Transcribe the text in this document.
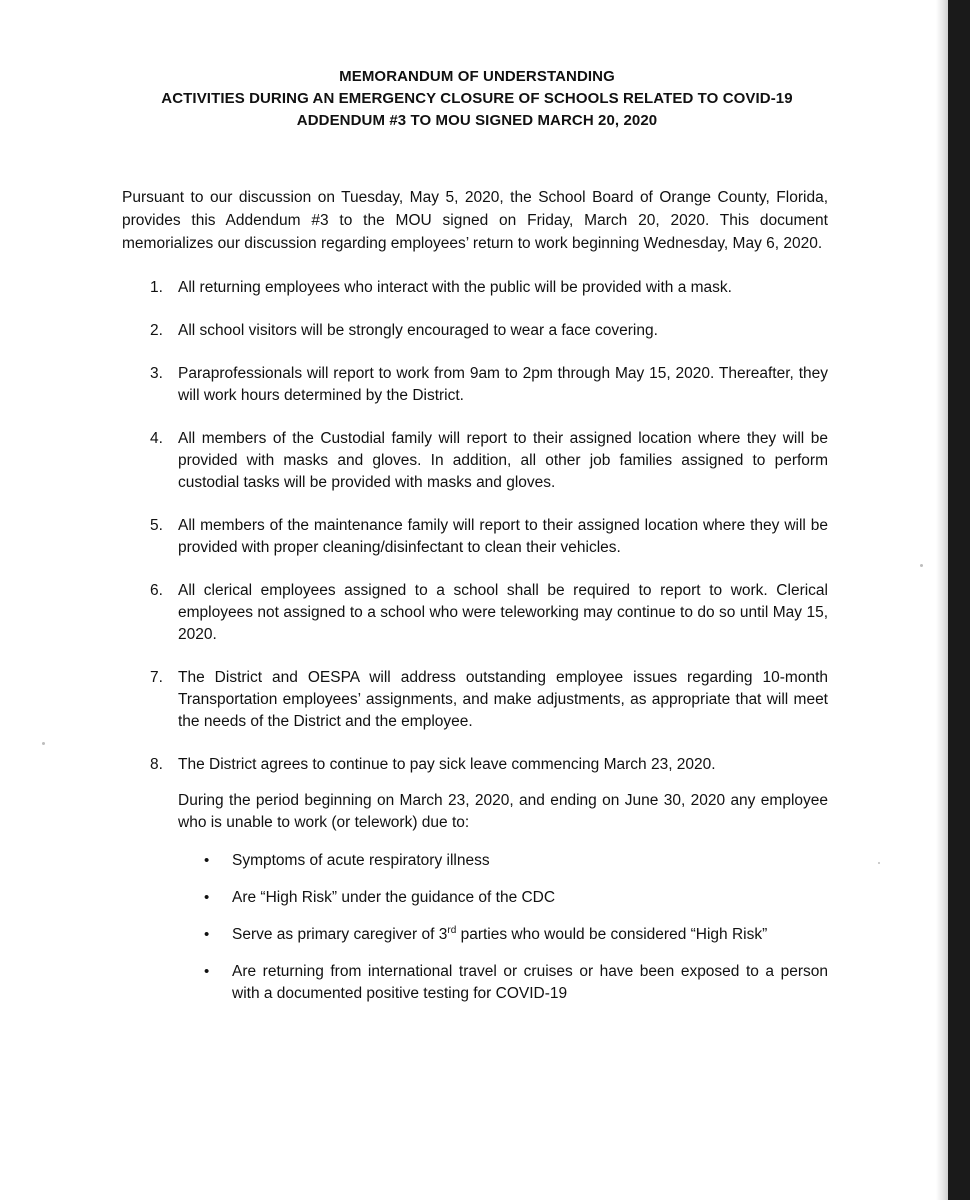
MEMORANDUM OF UNDERSTANDING
ACTIVITIES DURING AN EMERGENCY CLOSURE OF SCHOOLS RELATED TO COVID-19
ADDENDUM #3 TO MOU SIGNED MARCH 20, 2020
Pursuant to our discussion on Tuesday, May 5, 2020, the School Board of Orange County, Florida, provides this Addendum #3 to the MOU signed on Friday, March 20, 2020. This document memorializes our discussion regarding employees’ return to work beginning Wednesday, May 6, 2020.
1. All returning employees who interact with the public will be provided with a mask.
2. All school visitors will be strongly encouraged to wear a face covering.
3. Paraprofessionals will report to work from 9am to 2pm through May 15, 2020. Thereafter, they will work hours determined by the District.
4. All members of the Custodial family will report to their assigned location where they will be provided with masks and gloves. In addition, all other job families assigned to perform custodial tasks will be provided with masks and gloves.
5. All members of the maintenance family will report to their assigned location where they will be provided with proper cleaning/disinfectant to clean their vehicles.
6. All clerical employees assigned to a school shall be required to report to work. Clerical employees not assigned to a school who were teleworking may continue to do so until May 15, 2020.
7. The District and OESPA will address outstanding employee issues regarding 10-month Transportation employees’ assignments, and make adjustments, as appropriate that will meet the needs of the District and the employee.
8. The District agrees to continue to pay sick leave commencing March 23, 2020.
During the period beginning on March 23, 2020, and ending on June 30, 2020 any employee who is unable to work (or telework) due to:
• Symptoms of acute respiratory illness
• Are “High Risk” under the guidance of the CDC
• Serve as primary caregiver of 3rd parties who would be considered “High Risk”
• Are returning from international travel or cruises or have been exposed to a person with a documented positive testing for COVID-19
